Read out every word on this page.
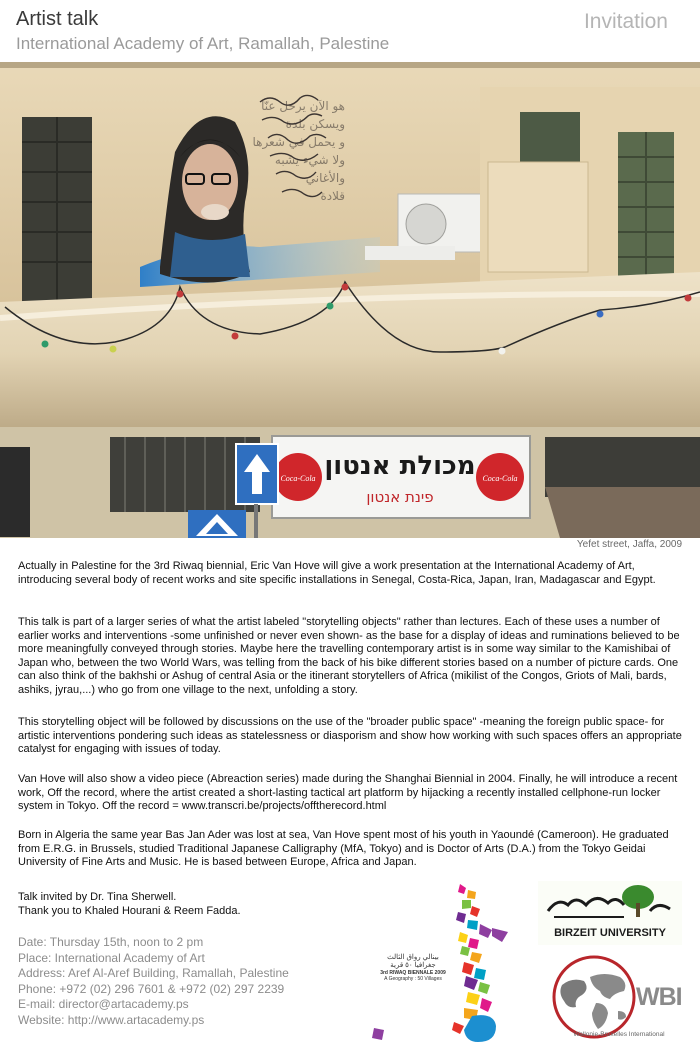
Artist talk
International Academy of Art, Ramallah, Palestine
Invitation
Coca-Cola	Coca-Cola
מכולת אנטון
פינת אנטון
هو الآن يرحل عنّا
ويسكن بلدة
و يحمل في شعرها
ولا شيء يشبه
والأغاني
قلادة
Yefet street, Jaffa, 2009

Actually in Palestine for the 3rd Riwaq biennial, Eric Van Hove will give a work presentation at the International Academy of Art, introducing several body of recent works and site specific installations in Senegal, Costa-Rica, Japan, Iran, Madagascar and Egypt.

This talk is part of a larger series of what the artist labeled "storytelling objects" rather than lectures. Each of these uses a number of earlier works and interventions -some unfinished or never even shown- as the base for a display of ideas and ruminations believed to be more meaningfully conveyed through stories. Maybe here the travelling contemporary artist is in some way similar to the Kamishibai of Japan who, between the two World Wars, was telling from the back of his bike different stories based on a number of picture cards. One can also think of the bakhshi or Ashug of central Asia or the itinerant storytellers of Africa (mikilist of the Congos, Griots of Mali, bards, ashiks, jyrau,...) who go from one village to the next, unfolding a story.

This storytelling object will be followed by discussions on the use of the "broader public space" -meaning the foreign public space- for artistic interventions pondering such ideas as statelessness or diasporism and show how working with such spaces offers an appropriate catalyst for engaging with issues of today.

Van Hove will also show a video piece (Abreaction series) made during the Shanghai Biennial in 2004. Finally, he will introduce a recent work, Off the record, where the artist created a short-lasting tactical art platform by hijacking a recently installed cellphone-run locker system in Tokyo. Off the record = www.transcri.be/projects/offtherecord.html

Born in Algeria the same year Bas Jan Ader was lost at sea, Van Hove spent most of his youth in Yaoundé (Cameroon). He graduated from E.R.G. in Brussels, studied Traditional Japanese Calligraphy (MfA, Tokyo) and is Doctor of Arts (D.A.) from the Tokyo Geidai University of Fine Arts and Music. He is based between Europe, Africa and Japan.

Talk invited by Dr. Tina Sherwell.
Thank you to Khaled Hourani & Reem Fadda.
Date: Thursday 15th, noon to 2 pm
Place: International Academy of Art
Address: Aref Al-Aref Building, Ramallah, Palestine
Phone: +972 (02) 296 7601 & +972 (02) 297 2239
E-mail: director@artacademy.ps
Website: http://www.artacademy.ps
بينالي رواق الثالث
جغرافيا ٥٠ قرية
3rd RIWAQ BIENNALE 2009
A Geography : 50 Villages
BIRZEIT UNIVERSITY
WBI
Wallonie-Bruxelles International
